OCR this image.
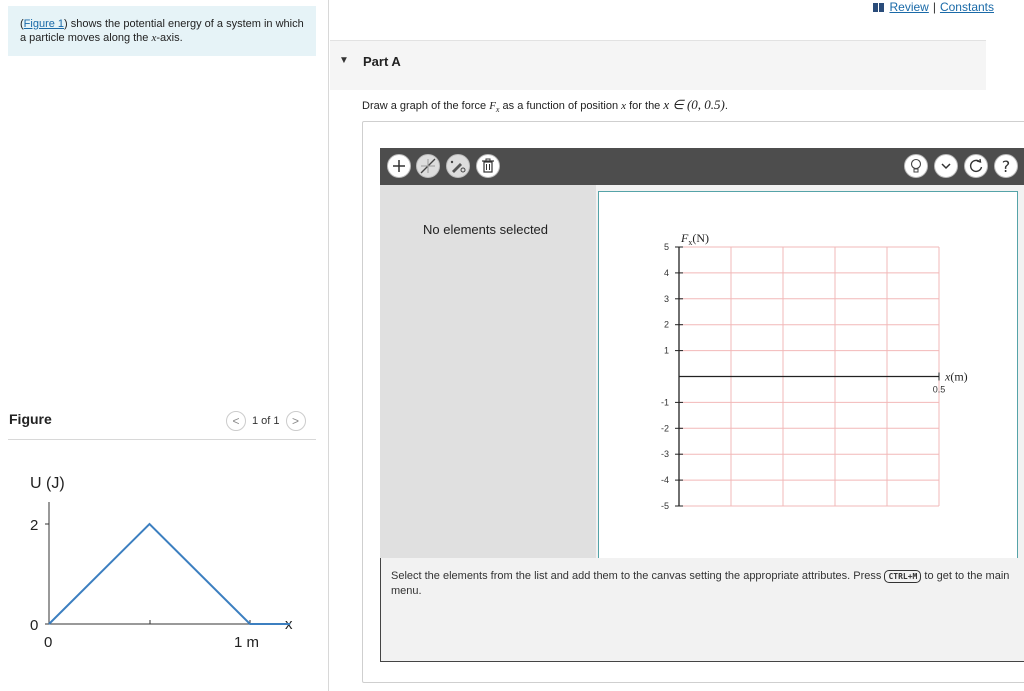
(Figure 1) shows the potential energy of a system in which a particle moves along the x-axis.
Figure	<	1 of 1	>
U (J)
2
0
0	1 m
x
Review | Constants
▼ Part A
Draw a graph of the force $F_x$ as a function of position x for the x ∈ (0, 0.5).
?
No elements selected
5
4
3
2
1
-1
-2
-3
-4
-5
0.5
$F_x(N)$
x(m)
Select the elements from the list and add them to the canvas setting the appropriate attributes. Press CTRL+M to get to the main menu.
